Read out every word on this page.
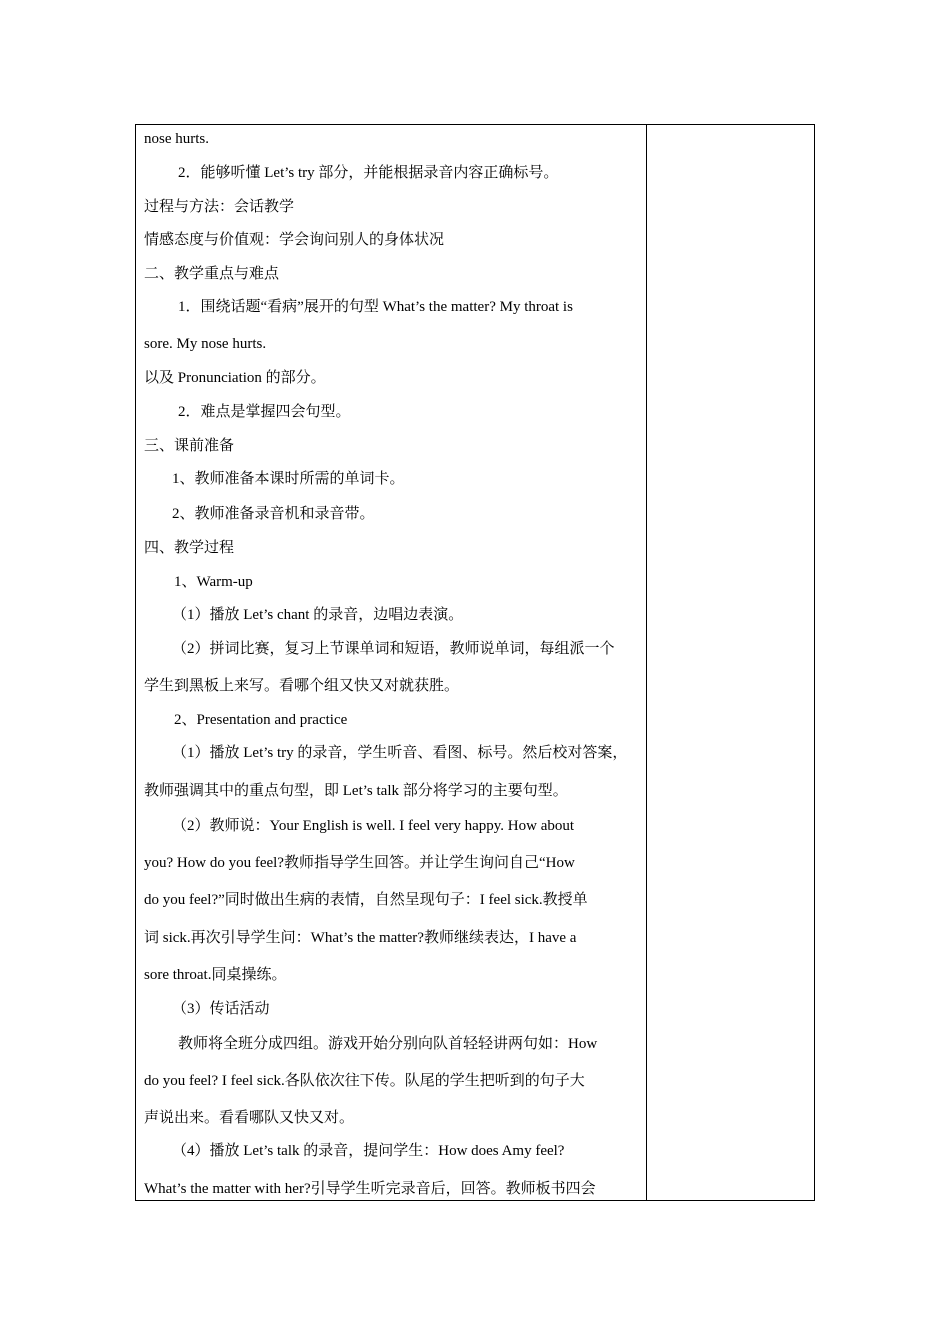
nose hurts.
2．能够听懂 Let’s try 部分，并能根据录音内容正确标号。
过程与方法：会话教学
情感态度与价值观：学会询问别人的身体状况
二、教学重点与难点
1．围绕话题“看病”展开的句型 What’s the matter? My throat is
sore. My nose hurts.
以及 Pronunciation 的部分。
2．难点是掌握四会句型。
三、课前准备
1、教师准备本课时所需的单词卡。
2、教师准备录音机和录音带。
四、教学过程
1、Warm-up
（1）播放 Let’s chant 的录音，边唱边表演。
（2）拼词比赛，复习上节课单词和短语，教师说单词，每组派一个
学生到黑板上来写。看哪个组又快又对就获胜。
2、Presentation and practice
（1）播放 Let’s try 的录音，学生听音、看图、标号。然后校对答案，
教师强调其中的重点句型，即 Let’s talk 部分将学习的主要句型。
（2）教师说：Your English is well. I feel very happy. How about
you? How do you feel?教师指导学生回答。并让学生询问自己“How
do you feel?”同时做出生病的表情，自然呈现句子：I feel sick.教授单
词 sick.再次引导学生问：What’s the matter?教师继续表达，I have a
sore throat.同桌操练。
（3）传话活动
教师将全班分成四组。游戏开始分别向队首轻轻讲两句如：How
do you feel? I feel sick.各队依次往下传。队尾的学生把听到的句子大
声说出来。看看哪队又快又对。
（4）播放 Let’s talk 的录音，提问学生：How does Amy feel?
What’s the matter with her?引导学生听完录音后，回答。教师板书四会
